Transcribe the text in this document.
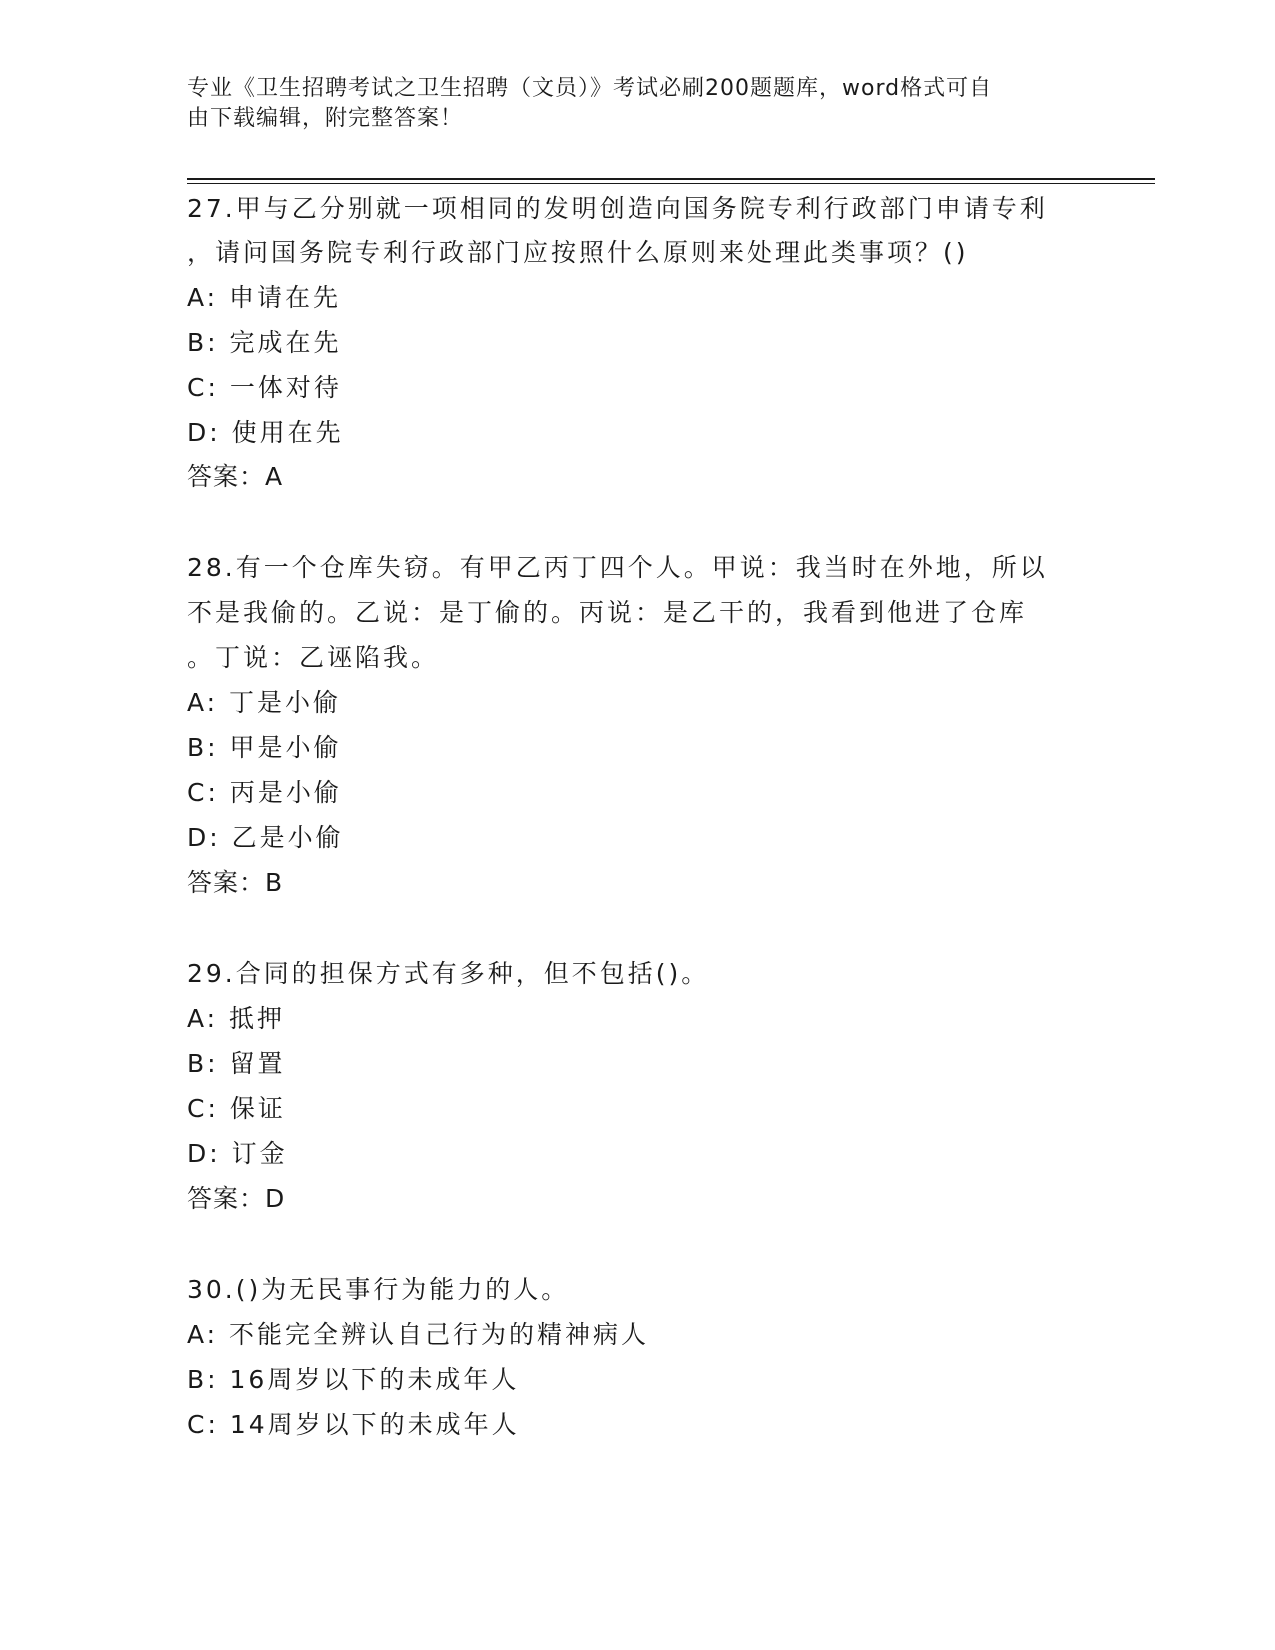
专业《卫生招聘考试之卫生招聘（文员）》考试必刷200题题库，word格式可自
由下载编辑，附完整答案！
27.甲与乙分别就一项相同的发明创造向国务院专利行政部门申请专利
，请问国务院专利行政部门应按照什么原则来处理此类事项？()
A: 申请在先
B: 完成在先
C: 一体对待
D: 使用在先
答案：A
28.有一个仓库失窃。有甲乙丙丁四个人。甲说：我当时在外地，所以
不是我偷的。乙说：是丁偷的。丙说：是乙干的，我看到他进了仓库
。丁说：乙诬陷我。
A: 丁是小偷
B: 甲是小偷
C: 丙是小偷
D: 乙是小偷
答案：B
29.合同的担保方式有多种，但不包括()。
A: 抵押
B: 留置
C: 保证
D: 订金
答案：D
30.()为无民事行为能力的人。
A: 不能完全辨认自己行为的精神病人
B: 16周岁以下的未成年人
C: 14周岁以下的未成年人
